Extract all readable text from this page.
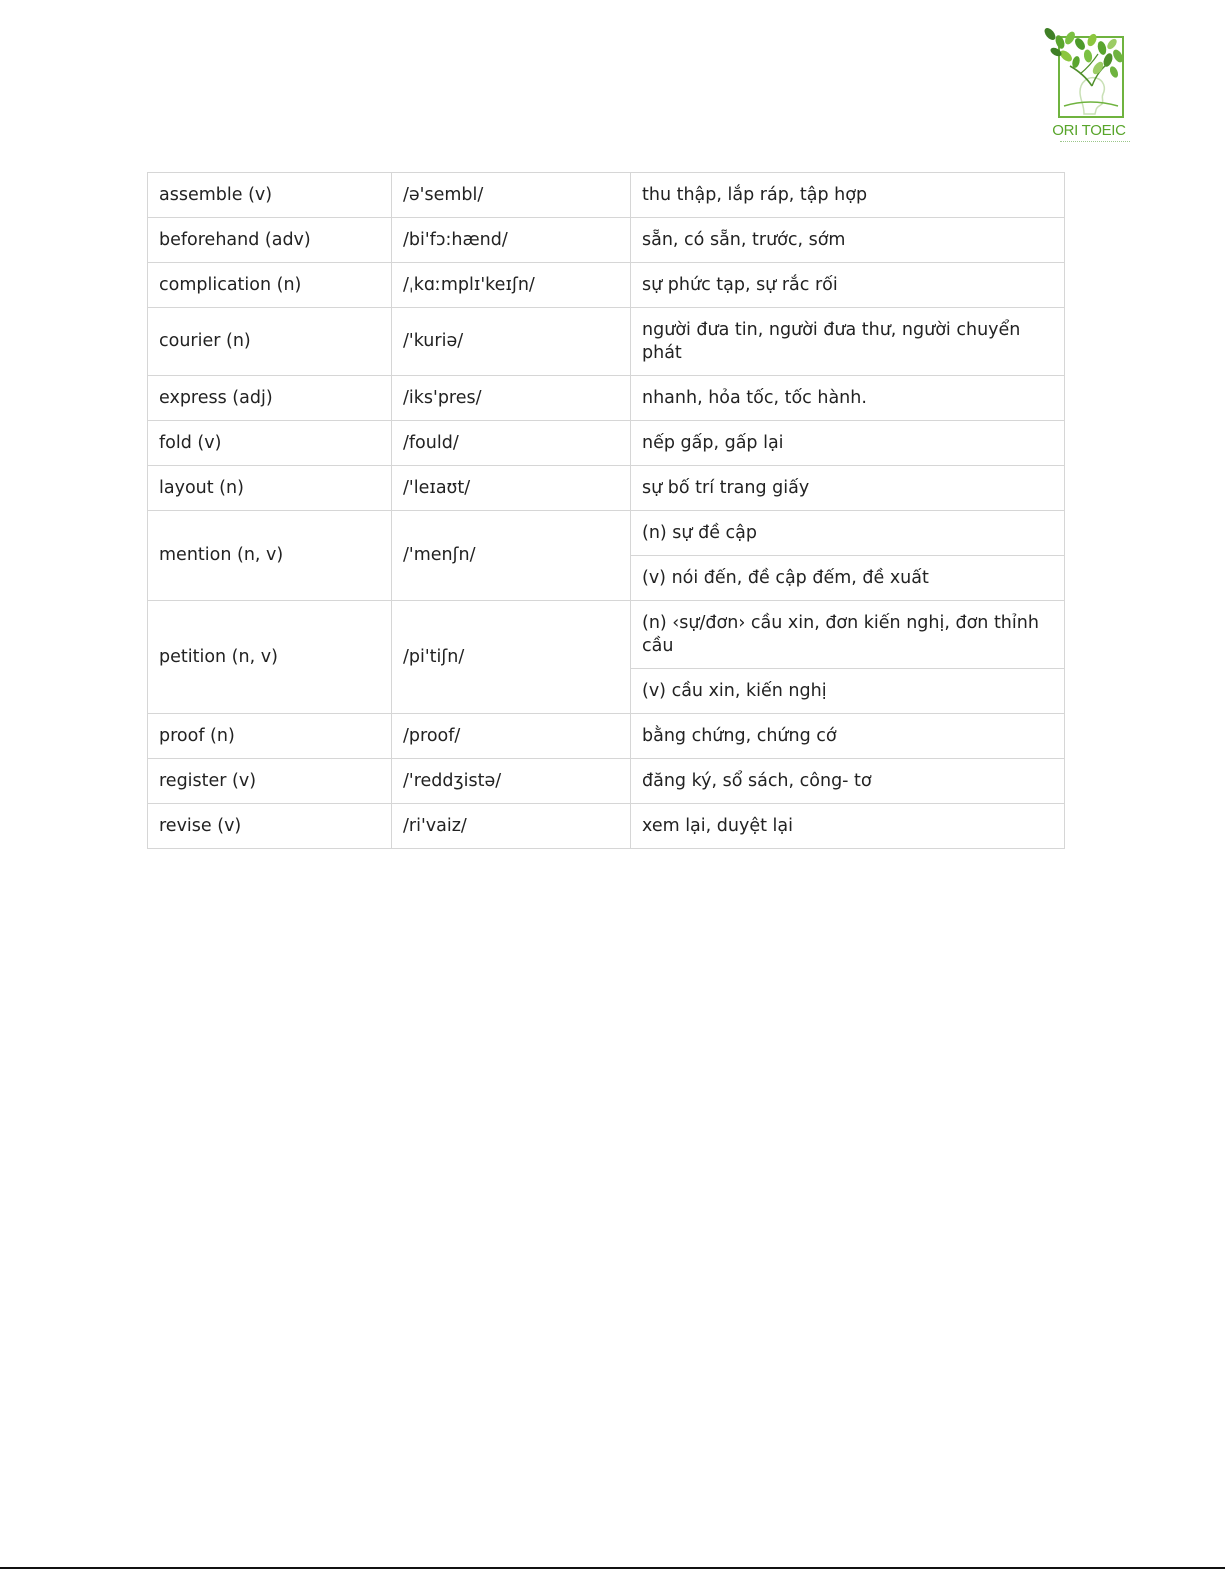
ORI TOEIC
assemble (v)	/ə'sembl/	thu thập, lắp ráp, tập hợp
beforehand (adv)	/bi'fɔ:hænd/	sẵn, có sẵn, trước, sớm
complication (n)	/ˌkɑːmplɪ'keɪʃn/	sự phức tạp, sự rắc rối
courier (n)	/'kuriə/	người đưa tin, người đưa thư, người chuyển phát
express (adj)	/iks'pres/	nhanh, hỏa tốc, tốc hành.
fold (v)	/fould/	nếp gấp, gấp lại
layout (n)	/'leɪaʊt/	sự bố trí trang giấy
mention (n, v)	/'menʃn/	(n) sự đề cập
		(v) nói đến, đề cập đếm, đề xuất
petition (n, v)	/pi'tiʃn/	(n) ‹sự/đơn› cầu xin, đơn kiến nghị, đơn thỉnh cầu
		(v) cầu xin, kiến nghị
proof (n)	/proof/	bằng chứng, chứng cớ
register (v)	/'reddʒistə/	đăng ký, sổ sách, công- tơ
revise (v)	/ri'vaiz/	xem lại, duyệt lại
